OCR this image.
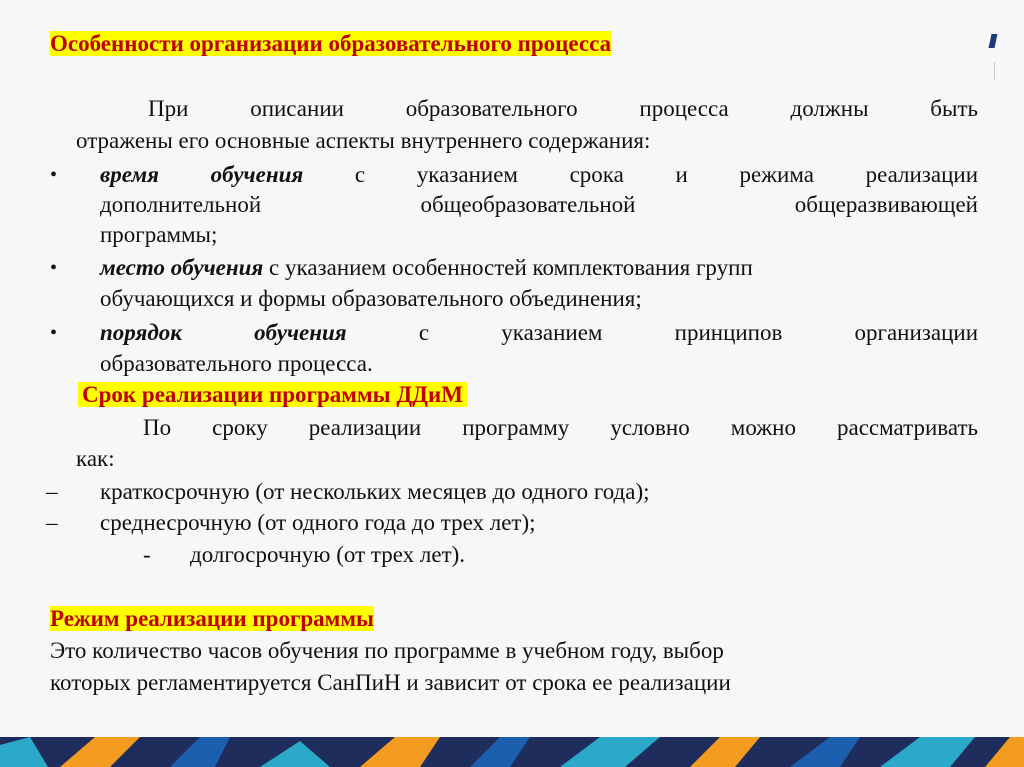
Особенности организации образовательного процесса
При описании образовательного процесса должны быть
отражены его основные аспекты внутреннего содержания:
• время обучения с указанием срока и режима реализации
дополнительной общеобразовательной общеразвивающей
программы;
• место обучения с указанием особенностей комплектования групп
обучающихся и формы образовательного объединения;
• порядок обучения	с указанием принципов организации
образовательного процесса.
Срок реализации программы ДДиМ
По сроку реализации программу условно можно рассматривать
как:
– краткосрочную (от нескольких месяцев до одного года);
– среднесрочную (от одного года до трех лет);
- долгосрочную (от трех лет).
Режим реализации программы
Это количество часов обучения по программе в учебном году, выбор
которых регламентируется СанПиН и зависит от срока ее реализации
